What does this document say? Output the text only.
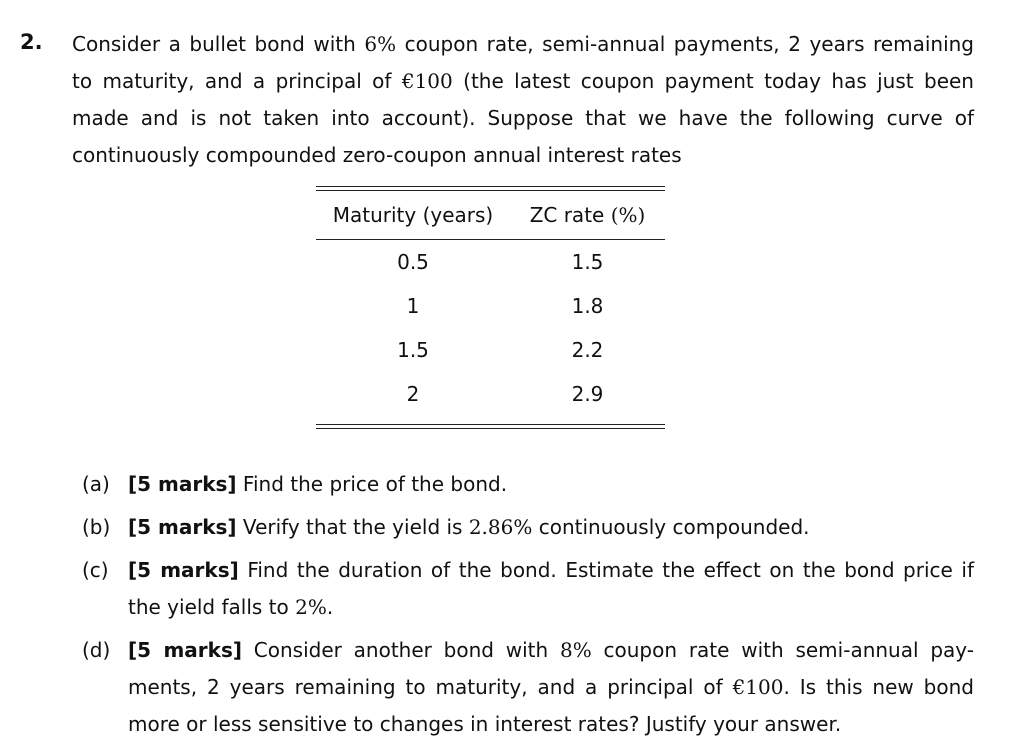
2. Consider a bullet bond with 6% coupon rate, semi-annual payments, 2 years remaining to maturity, and a principal of €100 (the latest coupon payment today has just been made and is not taken into account). Suppose that we have the following curve of continuously compounded zero-coupon annual interest rates
Maturity (years)	ZC rate (%)

0.5	1.5
1	1.8
1.5	2.2
2	2.9
(a) [5 marks] Find the price of the bond.
(b) [5 marks] Verify that the yield is 2.86% continuously compounded.
(c) [5 marks] Find the duration of the bond. Estimate the effect on the bond price if the yield falls to 2%.
(d) [5 marks] Consider another bond with 8% coupon rate with semi-annual pay- ments, 2 years remaining to maturity, and a principal of €100. Is this new bond more or less sensitive to changes in interest rates? Justify your answer.
